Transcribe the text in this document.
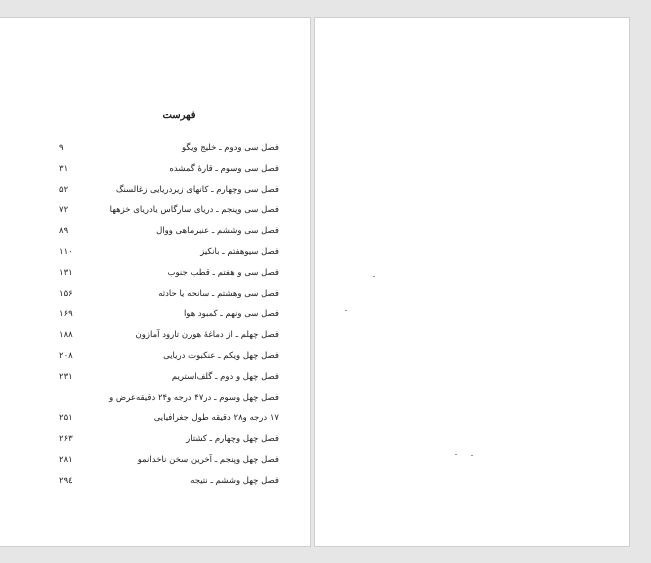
فهرست
فصل سی ودوم ـ خلیج ویگو
۹
فصل سی وسوم ـ قارهٔ گمشده
۳۱
فصل سی وچهارم ـ کانهای زیردریایی زغالسنگ
۵۲
فصل سی وپنجم ـ دریای سارگاس یادریای خزهها
۷۲
فصل سی وششم ـ عنبرماهی ووال
۸۹
فصل سیوهفتم ـ بانکیز
۱۱۰
فصل سی و هفتم ـ قطب جنوب
۱۳۱
فصل سی وهشتم ـ سانحه یا حادثه
۱۵۶
فصل سی ونهم ـ کمبود هوا
۱۶۹
فصل چهلم ـ از دماغهٔ هورن تارود آمازون
۱۸۸
فصل چهل ویکم ـ عنکبوت دریایی
۲۰۸
فصل چهل و دوم ـ گلف‌استریم
۲۳۱
فصل چهل وسوم ـ در۴۷ درجه و۲۴ دقیقه‌عرض و
۱۷ درجه و۲۸ دقیقه طول جغرافیایی
۲۵۱
فصل چهل وچهارم ـ کشتار
۲۶۳
فصل چهل وپنجم ـ آخرین سخن ناخدانمو
۲۸۱
فصل چهل وششم ـ نتیجه
۲۹٤
